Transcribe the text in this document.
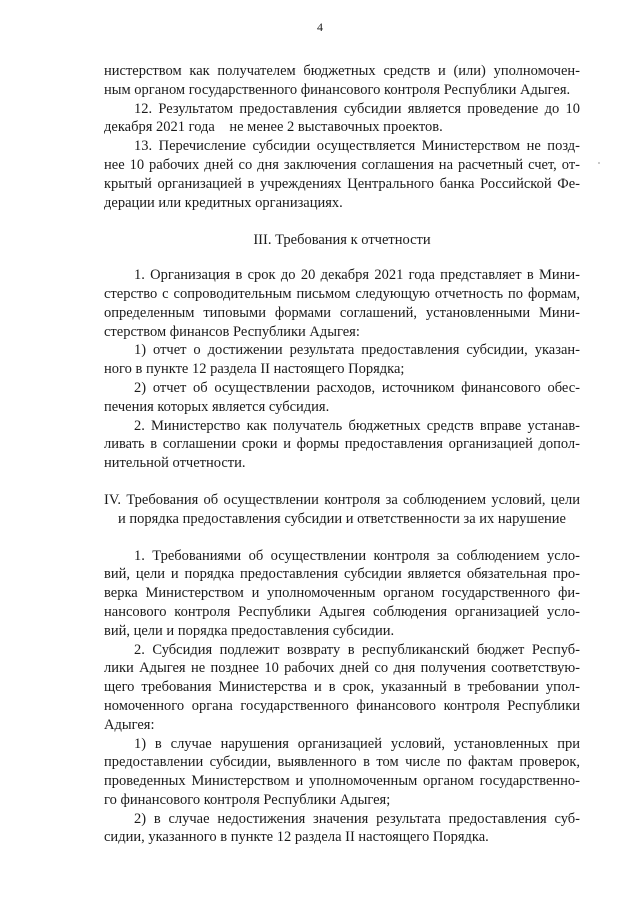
4
нистерством как получателем бюджетных средств и (или) уполномочен-
ным органом государственного финансового контроля Республики Адыгея.
12. Результатом предоставления субсидии является проведение до 10
декабря 2021 года    не менее 2 выставочных проектов.
13. Перечисление субсидии осуществляется Министерством не позд-
нее 10 рабочих дней со дня заключения соглашения на расчетный счет, от-
крытый организацией в учреждениях Центрального банка Российской Фе-
дерации или кредитных организациях.
III. Требования к отчетности
1. Организация в срок до 20 декабря 2021 года представляет в Мини-
стерство с сопроводительным письмом следующую отчетность по формам,
определенным типовыми формами соглашений, установленными Мини-
стерством финансов Республики Адыгея:
1) отчет о достижении результата предоставления субсидии, указан-
ного в пункте 12 раздела II настоящего Порядка;
2) отчет об осуществлении расходов, источником финансового обес-
печения которых является субсидия.
2. Министерство как получатель бюджетных средств вправе устанав-
ливать в соглашении сроки и формы предоставления организацией допол-
нительной отчетности.
IV. Требования об осуществлении контроля за соблюдением условий, цели
и порядка предоставления субсидии и ответственности за их нарушение
1. Требованиями об осуществлении контроля за соблюдением усло-
вий, цели и порядка предоставления субсидии является обязательная про-
верка Министерством и уполномоченным органом государственного фи-
нансового контроля Республики Адыгея соблюдения организацией усло-
вий, цели и порядка предоставления субсидии.
2. Субсидия подлежит возврату в республиканский бюджет Респуб-
лики Адыгея не позднее 10 рабочих дней со дня получения соответствую-
щего требования Министерства и в срок, указанный в требовании упол-
номоченного органа государственного финансового контроля Республики
Адыгея:
1) в случае нарушения организацией условий, установленных при
предоставлении субсидии, выявленного в том числе по фактам проверок,
проведенных Министерством и уполномоченным органом государственно-
го финансового контроля Республики Адыгея;
2) в случае недостижения значения результата предоставления суб-
сидии, указанного в пункте 12 раздела II настоящего Порядка.
